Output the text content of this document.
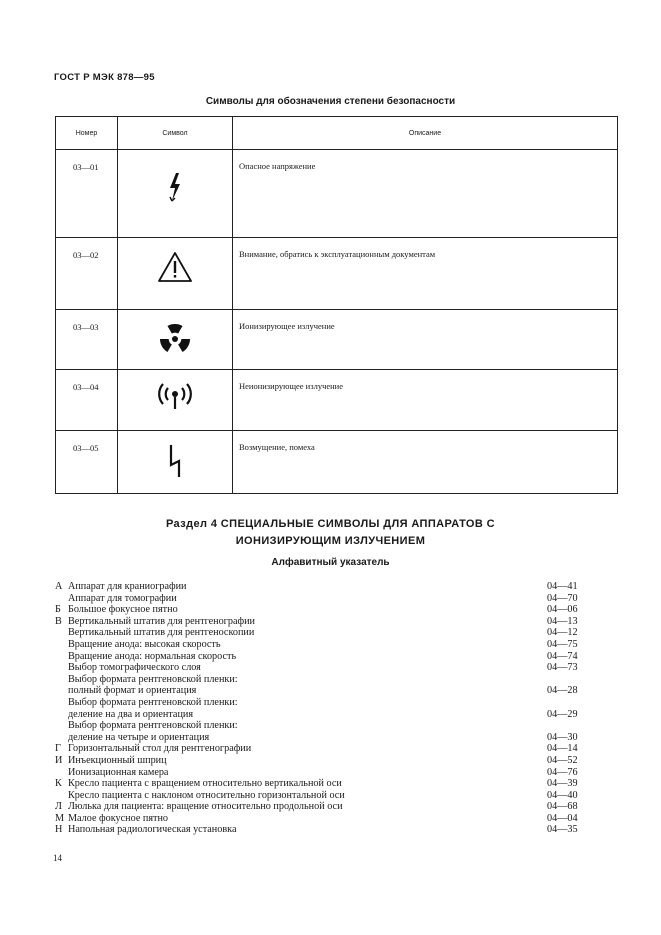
ГОСТ Р МЭК 878—95
Символы для обозначения степени безопасности
Номер	Символ	Описание
03—01		Опасное напряжение
03—02		Внимание, обратись к эксплуатационным документам
03—03		Ионизирующее излучение
03—04		Неионизирующее излучение
03—05		Возмущение, помеха
Раздел 4 СПЕЦИАЛЬНЫЕ СИМВОЛЫ ДЛЯ АППАРАТОВ С
ИОНИЗИРУЮЩИМ ИЗЛУЧЕНИЕМ
Алфавитный указатель
А Аппарат для краниографии	04—41
Аппарат для томографии	04—70
Б Большое фокусное пятно	04—06
В Вертикальный штатив для рентгенографии	04—13
Вертикальный штатив для рентгеноскопии	04—12
Вращение анода: высокая скорость	04—75
Вращение анода: нормальная скорость	04—74
Выбор томографического слоя	04—73
Выбор формата рентгеновской пленки:
полный формат и ориентация	04—28
Выбор формата рентгеновской пленки:
деление на два и ориентация	04—29
Выбор формата рентгеновской пленки:
деление на четыре и ориентация	04—30
Г Горизонтальный стол для рентгенографии	04—14
И Инъекционный шприц	04—52
Ионизационная камера	04—76
К Кресло пациента с вращением относительно вертикальной оси	04—39
Кресло пациента с наклоном относительно горизонтальной оси	04—40
Л Люлька для пациента: вращение относительно продольной оси	04—68
М Малое фокусное пятно	04—04
Н Напольная радиологическая установка	04—35
14
